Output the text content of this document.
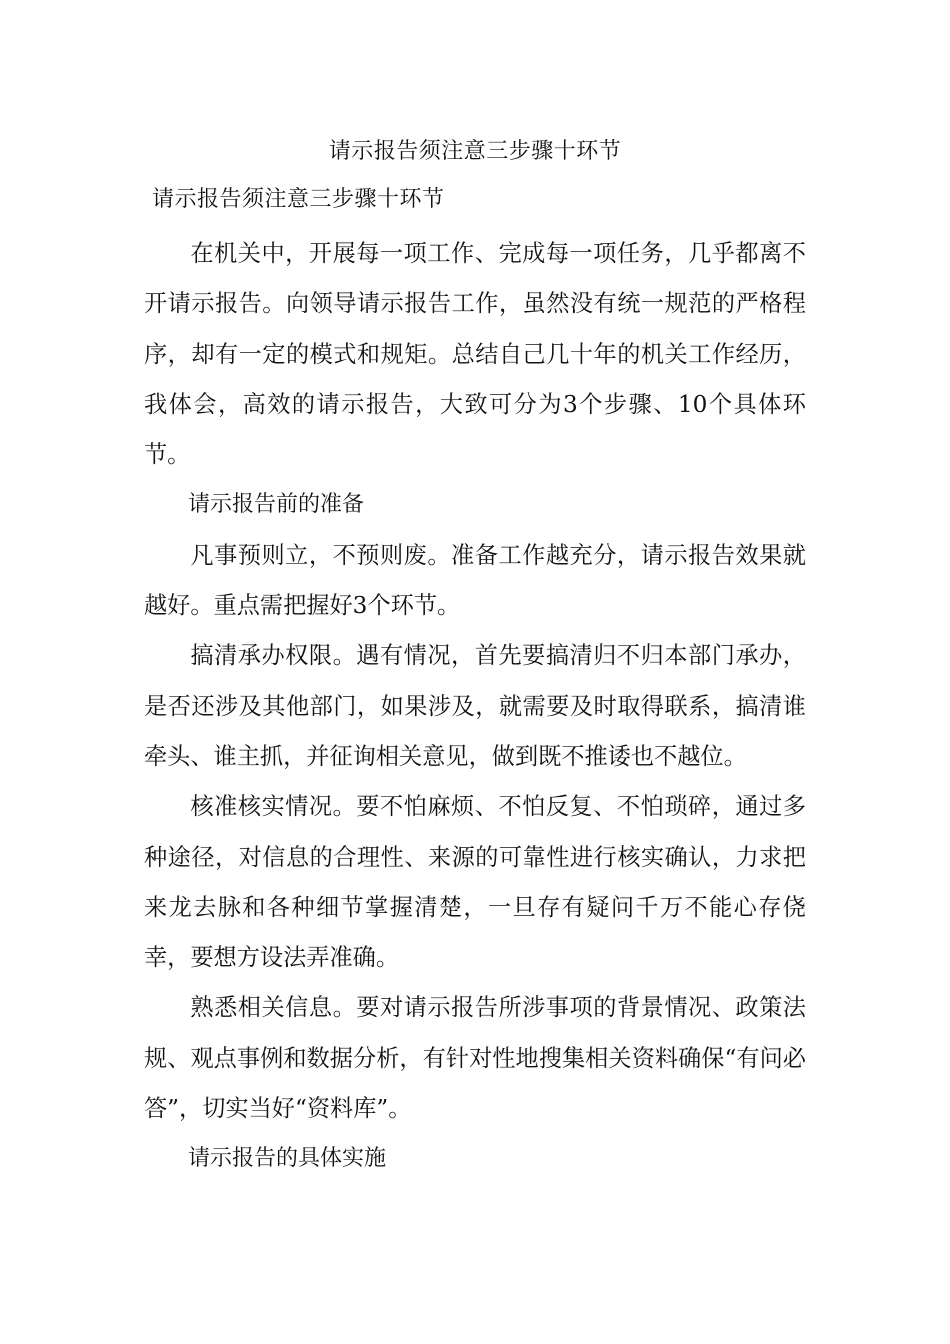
请示报告须注意三步骤十环节
请示报告须注意三步骤十环节

在机关中，开展每一项工作、完成每一项任务，几乎都离不开请示报告。向领导请示报告工作，虽然没有统一规范的严格程序，却有一定的模式和规矩。总结自己几十年的机关工作经历，我体会，高效的请示报告，大致可分为3个步骤、10个具体环节。

请示报告前的准备

凡事预则立，不预则废。准备工作越充分，请示报告效果就越好。重点需把握好3个环节。

搞清承办权限。遇有情况，首先要搞清归不归本部门承办，是否还涉及其他部门，如果涉及，就需要及时取得联系，搞清谁牵头、谁主抓，并征询相关意见，做到既不推诿也不越位。

核准核实情况。要不怕麻烦、不怕反复、不怕琐碎，通过多种途径，对信息的合理性、来源的可靠性进行核实确认，力求把来龙去脉和各种细节掌握清楚，一旦存有疑问千万不能心存侥幸，要想方设法弄准确。

熟悉相关信息。要对请示报告所涉事项的背景情况、政策法规、观点事例和数据分析，有针对性地搜集相关资料确保“有问必答”，切实当好“资料库”。

请示报告的具体实施
